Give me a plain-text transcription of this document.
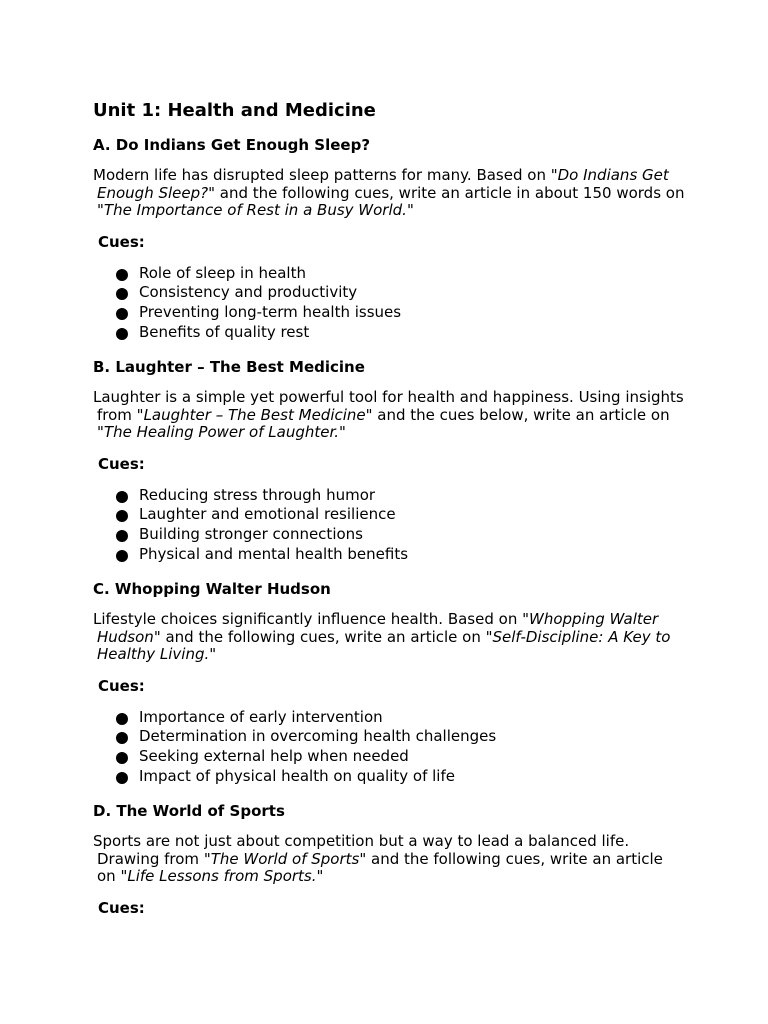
Unit 1: Health and Medicine
A. Do Indians Get Enough Sleep?

Modern life has disrupted sleep patterns for many. Based on "Do Indians Get Enough Sleep?" and the following cues, write an article in about 150 words on "The Importance of Rest in a Busy World."

Cues:

Role of sleep in health
Consistency and productivity
Preventing long-term health issues
Benefits of quality rest
B. Laughter – The Best Medicine

Laughter is a simple yet powerful tool for health and happiness. Using insights from "Laughter – The Best Medicine" and the cues below, write an article on "The Healing Power of Laughter."

Cues:

Reducing stress through humor
Laughter and emotional resilience
Building stronger connections
Physical and mental health benefits
C. Whopping Walter Hudson

Lifestyle choices significantly influence health. Based on "Whopping Walter Hudson" and the following cues, write an article on "Self-Discipline: A Key to Healthy Living."

Cues:

Importance of early intervention
Determination in overcoming health challenges
Seeking external help when needed
Impact of physical health on quality of life
D. The World of Sports

Sports are not just about competition but a way to lead a balanced life. Drawing from "The World of Sports" and the following cues, write an article on "Life Lessons from Sports."

Cues:
